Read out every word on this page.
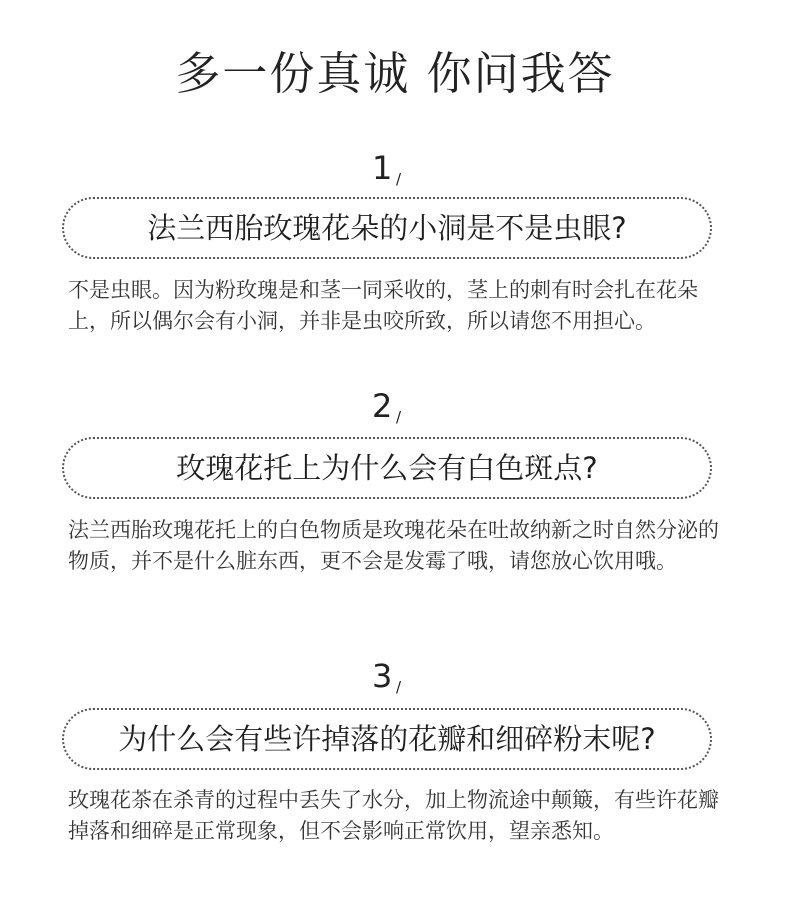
多一份真诚 你问我答
1 /
法兰西胎玫瑰花朵的小洞是不是虫眼?

不是虫眼。因为粉玫瑰是和茎一同采收的，茎上的刺有时会扎在花朵上，所以偶尔会有小洞，并非是虫咬所致，所以请您不用担心。

2 /
玫瑰花托上为什么会有白色斑点?

法兰西胎玫瑰花托上的白色物质是玫瑰花朵在吐故纳新之时自然分泌的物质，并不是什么脏东西，更不会是发霉了哦，请您放心饮用哦。

3 /
为什么会有些许掉落的花瓣和细碎粉末呢?

玫瑰花茶在杀青的过程中丢失了水分，加上物流途中颠簸，有些许花瓣掉落和细碎是正常现象，但不会影响正常饮用，望亲悉知。
